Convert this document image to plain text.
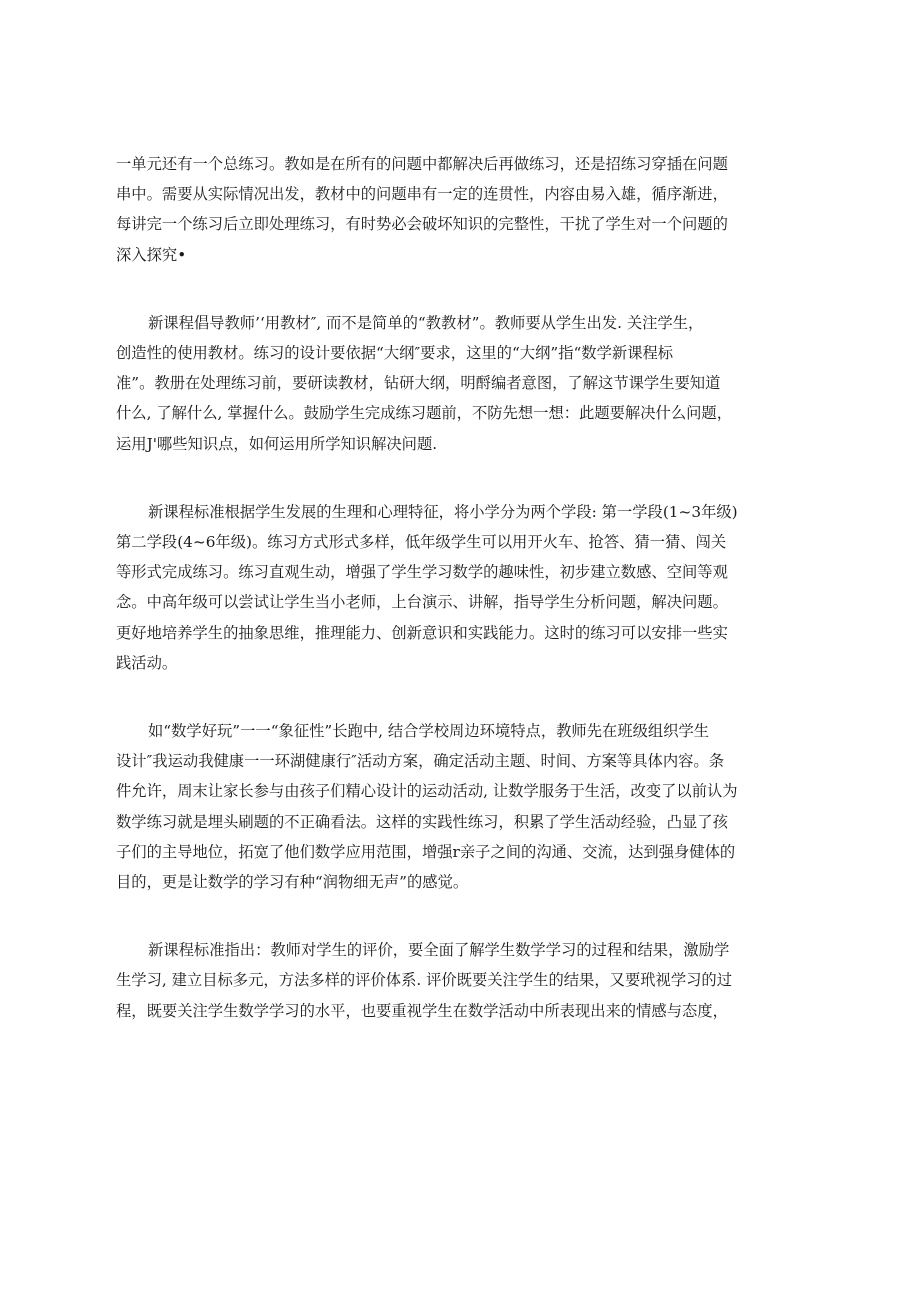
一单元还有一个总练习。教如是在所有的问题中都解决后再做练习，还是招练习穿插在问题
串中。需要从实际情况出发，教材中的问题串有一定的连贯性，内容由易入雄，循序渐进，
每讲完一个练习后立即处理练习，有时势必会破坏知识的完整性，干扰了学生对一个问题的
深入探究•

新课程倡导教师’‘用教材″, 而不是简单的“教教材”。教师要从学生出发. 关注学生，
创造性的使用教材。练习的设计要依据“大纲″要求，这里的“大纲”指“数学新课程标
准”。教册在处理练习前，要研读教材，钻研大纲，明酹编者意图，了解这节课学生要知道
什么, 了解什么, 掌握什么。鼓励学生完成练习题前，不防先想一想：此题要解决什么问题，
运用J'哪些知识点，如何运用所学知识解决问题.

新课程标准根据学生发展的生理和心理特征，将小学分为两个学段: 第一学段(1~3年级)
第二学段(4~6年级)。练习方式形式多样，低年级学生可以用开火车、抢答、猜一猜、闯关
等形式完成练习。练习直观生动，增强了学生学习数学的趣味性，初步建立数感、空间等观
念。中高年级可以尝试让学生当小老师，上台演示、讲解，指导学生分析问题，解决问题。
更好地培养学生的抽象思维，推理能力、创新意识和实践能力。这时的练习可以安排一些实
践活动。

如“数学好玩”一一“象征性”长跑中, 结合学校周边环境特点，教师先在班级组织学生
设计″我运动我健康一一环湖健康行″活动方案，确定活动主题、时间、方案等具体内容。条
件允许，周末让家长参与由孩子们精心设计的运动活动, 让数学服务于生活，改变了以前认为
数学练习就是埋头刷题的不正确看法。这样的实践性练习，积累了学生活动经验，凸显了孩
子们的主导地位，拓宽了他们数学应用范围，增强r亲子之间的沟通、交流，达到强身健体的
目的，更是让数学的学习有种“润物细无声”的感觉。

新课程标准指出：教师对学生的评价，要全面了解学生数学学习的过程和结果，激励学
生学习, 建立目标多元，方法多样的评价体系. 评价既要关注学生的结果，又要玳视学习的过
程，既要关注学生数学学习的水平，也要重视学生在数学活动中所表现出来的情感与态度，
